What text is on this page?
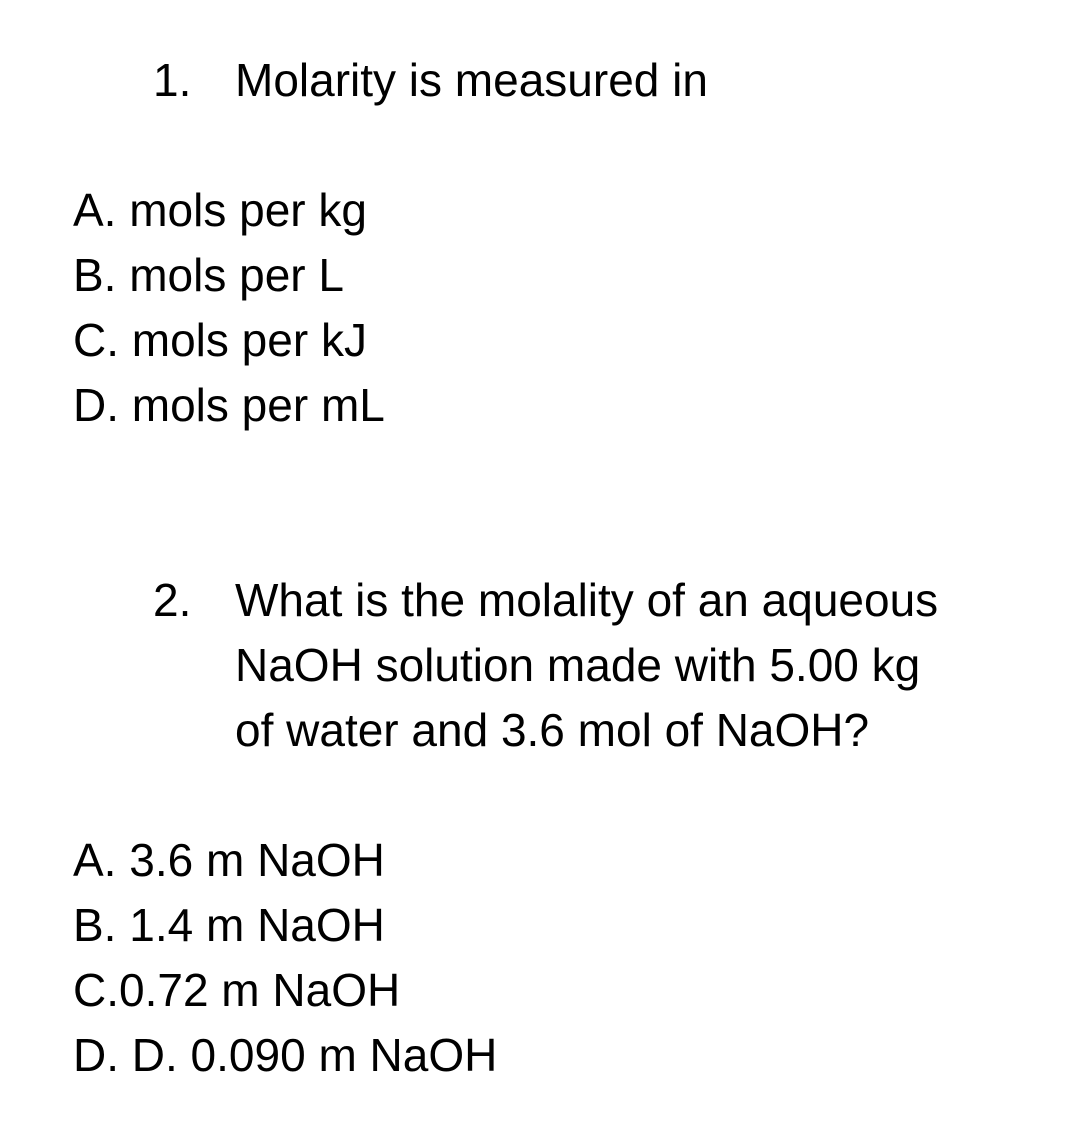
1. Molarity is measured in
A. mols per kg
B. mols per L
C. mols per kJ
D. mols per mL
2. What is the molality of an aqueous
NaOH solution made with 5.00 kg
of water and 3.6 mol of NaOH?
A. 3.6 m NaOH
B. 1.4 m NaOH
C.0.72 m NaOH
D. D. 0.090 m NaOH
